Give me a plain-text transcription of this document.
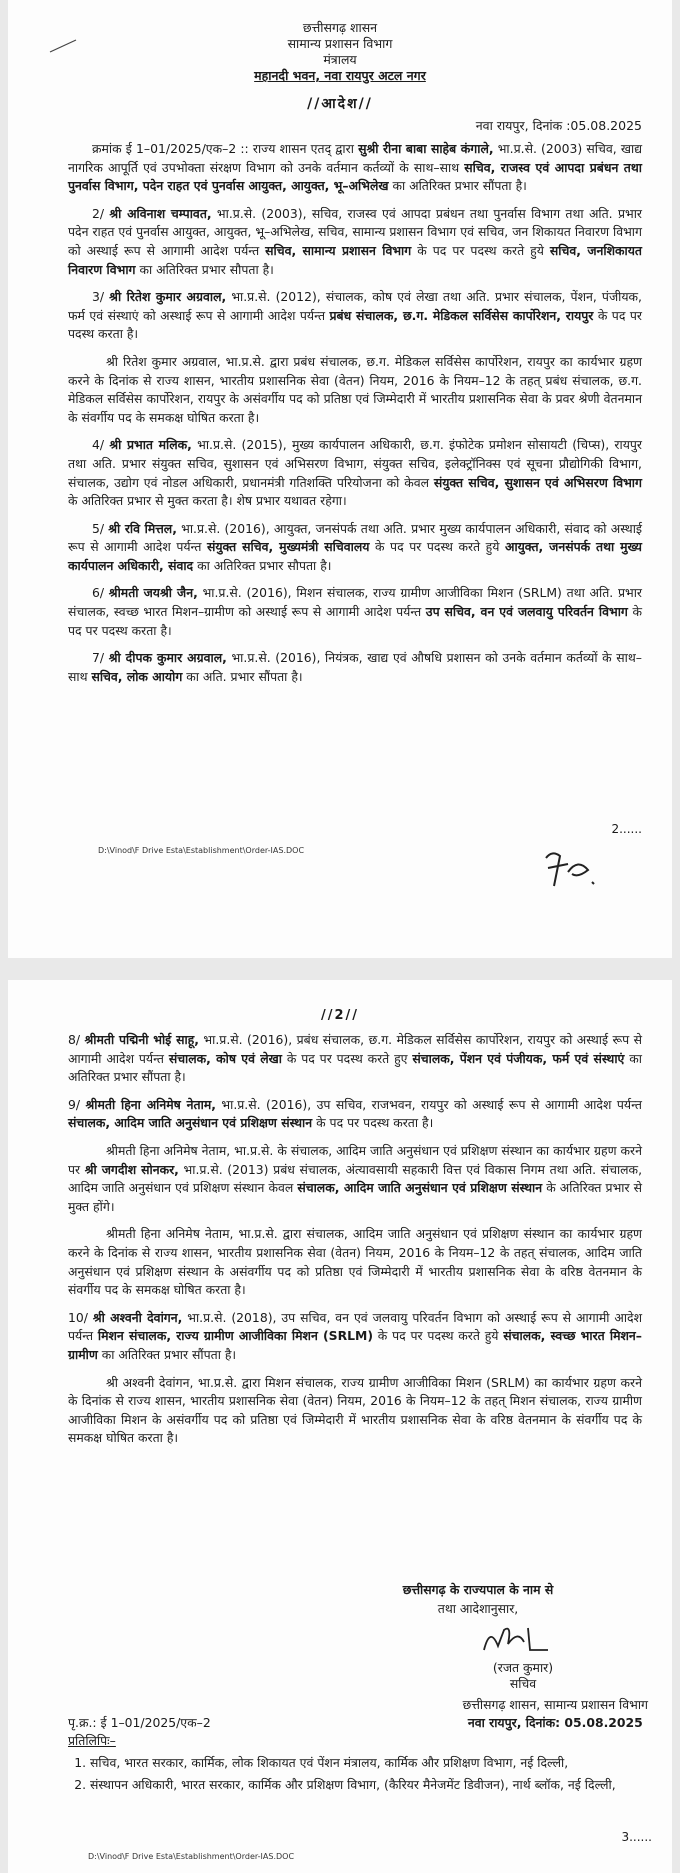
छत्तीसगढ़ शासन
सामान्य प्रशासन विभाग
मंत्रालय
महानदी भवन, नवा रायपुर अटल नगर
//आदेश//
नवा रायपुर, दिनांक :05.08.2025

क्रमांक ई 1–01/2025/एक–2 :: राज्य शासन एतद् द्वारा सुश्री रीना बाबा साहेब कंगाले, भा.प्र.से. (2003) सचिव, खाद्य नागरिक आपूर्ति एवं उपभोक्ता संरक्षण विभाग को उनके वर्तमान कर्तव्यों के साथ–साथ सचिव, राजस्व एवं आपदा प्रबंधन तथा पुनर्वास विभाग, पदेन राहत एवं पुनर्वास आयुक्त, आयुक्त, भू–अभिलेख का अतिरिक्त प्रभार सौंपता है।

2/ श्री अविनाश चम्पावत, भा.प्र.से. (2003), सचिव, राजस्व एवं आपदा प्रबंधन तथा पुनर्वास विभाग तथा अति. प्रभार पदेन राहत एवं पुनर्वास आयुक्त, आयुक्त, भू–अभिलेख, सचिव, सामान्य प्रशासन विभाग एवं सचिव, जन शिकायत निवारण विभाग को अस्थाई रूप से आगामी आदेश पर्यन्त सचिव, सामान्य प्रशासन विभाग के पद पर पदस्थ करते हुये सचिव, जनशिकायत निवारण विभाग का अतिरिक्त प्रभार सौपता है।

3/ श्री रितेश कुमार अग्रवाल, भा.प्र.से. (2012), संचालक, कोष एवं लेखा तथा अति. प्रभार संचालक, पेंशन, पंजीयक, फर्म एवं संस्थाएं को अस्थाई रूप से आगामी आदेश पर्यन्त प्रबंध संचालक, छ.ग. मेडिकल सर्विसेस कार्पोरेशन, रायपुर के पद पर पदस्थ करता है।

श्री रितेश कुमार अग्रवाल, भा.प्र.से. द्वारा प्रबंध संचालक, छ.ग. मेडिकल सर्विसेस कार्पोरेशन, रायपुर का कार्यभार ग्रहण करने के दिनांक से राज्य शासन, भारतीय प्रशासनिक सेवा (वेतन) नियम, 2016 के नियम–12 के तहत् प्रबंध संचालक, छ.ग. मेडिकल सर्विसेस कार्पोरेशन, रायपुर के असंवर्गीय पद को प्रतिष्ठा एवं जिम्मेदारी में भारतीय प्रशासनिक सेवा के प्रवर श्रेणी वेतनमान के संवर्गीय पद के समकक्ष घोषित करता है।

4/ श्री प्रभात मलिक, भा.प्र.से. (2015), मुख्य कार्यपालन अधिकारी, छ.ग. इंफोटेक प्रमोशन सोसायटी (चिप्स), रायपुर तथा अति. प्रभार संयुक्त सचिव, सुशासन एवं अभिसरण विभाग, संयुक्त सचिव, इलेक्ट्रॉनिक्स एवं सूचना प्रौद्योगिकी विभाग, संचालक, उद्योग एवं नोडल अधिकारी, प्रधानमंत्री गतिशक्ति परियोजना को केवल संयुक्त सचिव, सुशासन एवं अभिसरण विभाग के अतिरिक्त प्रभार से मुक्त करता है। शेष प्रभार यथावत रहेगा।

5/ श्री रवि मित्तल, भा.प्र.से. (2016), आयुक्त, जनसंपर्क तथा अति. प्रभार मुख्य कार्यपालन अधिकारी, संवाद को अस्थाई रूप से आगामी आदेश पर्यन्त संयुक्त सचिव, मुख्यमंत्री सचिवालय के पद पर पदस्थ करते हुये आयुक्त, जनसंपर्क तथा मुख्य कार्यपालन अधिकारी, संवाद का अतिरिक्त प्रभार सौपता है।

6/ श्रीमती जयश्री जैन, भा.प्र.से. (2016), मिशन संचालक, राज्य ग्रामीण आजीविका मिशन (SRLM) तथा अति. प्रभार संचालक, स्वच्छ भारत मिशन–ग्रामीण को अस्थाई रूप से आगामी आदेश पर्यन्त उप सचिव, वन एवं जलवायु परिवर्तन विभाग के पद पर पदस्थ करता है।

7/ श्री दीपक कुमार अग्रवाल, भा.प्र.से. (2016), नियंत्रक, खाद्य एवं औषधि प्रशासन को उनके वर्तमान कर्तव्यों के साथ–साथ सचिव, लोक आयोग का अति. प्रभार सौंपता है।

2......
D:\Vinod\F Drive Esta\Establishment\Order-IAS.DOC
//2//

8/ श्रीमती पद्मिनी भोई साहू, भा.प्र.से. (2016), प्रबंध संचालक, छ.ग. मेडिकल सर्विसेस कार्पोरेशन, रायपुर को अस्थाई रूप से आगामी आदेश पर्यन्त संचालक, कोष एवं लेखा के पद पर पदस्थ करते हुए संचालक, पेंशन एवं पंजीयक, फर्म एवं संस्थाएं का अतिरिक्त प्रभार सौंपता है।

9/ श्रीमती हिना अनिमेष नेताम, भा.प्र.से. (2016), उप सचिव, राजभवन, रायपुर को अस्थाई रूप से आगामी आदेश पर्यन्त संचालक, आदिम जाति अनुसंधान एवं प्रशिक्षण संस्थान के पद पर पदस्थ करता है।

श्रीमती हिना अनिमेष नेताम, भा.प्र.से. के संचालक, आदिम जाति अनुसंधान एवं प्रशिक्षण संस्थान का कार्यभार ग्रहण करने पर श्री जगदीश सोनकर, भा.प्र.से. (2013) प्रबंध संचालक, अंत्यावसायी सहकारी वित्त एवं विकास निगम तथा अति. संचालक, आदिम जाति अनुसंधान एवं प्रशिक्षण संस्थान केवल संचालक, आदिम जाति अनुसंधान एवं प्रशिक्षण संस्थान के अतिरिक्त प्रभार से मुक्त होंगे।

श्रीमती हिना अनिमेष नेताम, भा.प्र.से. द्वारा संचालक, आदिम जाति अनुसंधान एवं प्रशिक्षण संस्थान का कार्यभार ग्रहण करने के दिनांक से राज्य शासन, भारतीय प्रशासनिक सेवा (वेतन) नियम, 2016 के नियम–12 के तहत् संचालक, आदिम जाति अनुसंधान एवं प्रशिक्षण संस्थान के असंवर्गीय पद को प्रतिष्ठा एवं जिम्मेदारी में भारतीय प्रशासनिक सेवा के वरिष्ठ वेतनमान के संवर्गीय पद के समकक्ष घोषित करता है।

10/ श्री अश्वनी देवांगन, भा.प्र.से. (2018), उप सचिव, वन एवं जलवायु परिवर्तन विभाग को अस्थाई रूप से आगामी आदेश पर्यन्त मिशन संचालक, राज्य ग्रामीण आजीविका मिशन (SRLM) के पद पर पदस्थ करते हुये संचालक, स्वच्छ भारत मिशन–ग्रामीण का अतिरिक्त प्रभार सौंपता है।

श्री अश्वनी देवांगन, भा.प्र.से. द्वारा मिशन संचालक, राज्य ग्रामीण आजीविका मिशन (SRLM) का कार्यभार ग्रहण करने के दिनांक से राज्य शासन, भारतीय प्रशासनिक सेवा (वेतन) नियम, 2016 के नियम–12 के तहत् मिशन संचालक, राज्य ग्रामीण आजीविका मिशन के असंवर्गीय पद को प्रतिष्ठा एवं जिम्मेदारी में भारतीय प्रशासनिक सेवा के वरिष्ठ वेतनमान के संवर्गीय पद के समकक्ष घोषित करता है।

छत्तीसगढ़ के राज्यपाल के नाम से
तथा आदेशानुसार,
(रजत कुमार)
सचिव
पृ.क्र.: ई 1–01/2025/एक–2
छत्तीसगढ़ शासन, सामान्य प्रशासन विभाग
नवा रायपुर, दिनांक: 05.08.2025
प्रतिलिपिः–
1. सचिव, भारत सरकार, कार्मिक, लोक शिकायत एवं पेंशन मंत्रालय, कार्मिक और प्रशिक्षण विभाग, नई दिल्ली,
2. संस्थापन अधिकारी, भारत सरकार, कार्मिक और प्रशिक्षण विभाग, (कैरियर मैनेजमेंट डिवीजन), नार्थ ब्लॉक, नई दिल्ली,
3......
D:\Vinod\F Drive Esta\Establishment\Order-IAS.DOC
